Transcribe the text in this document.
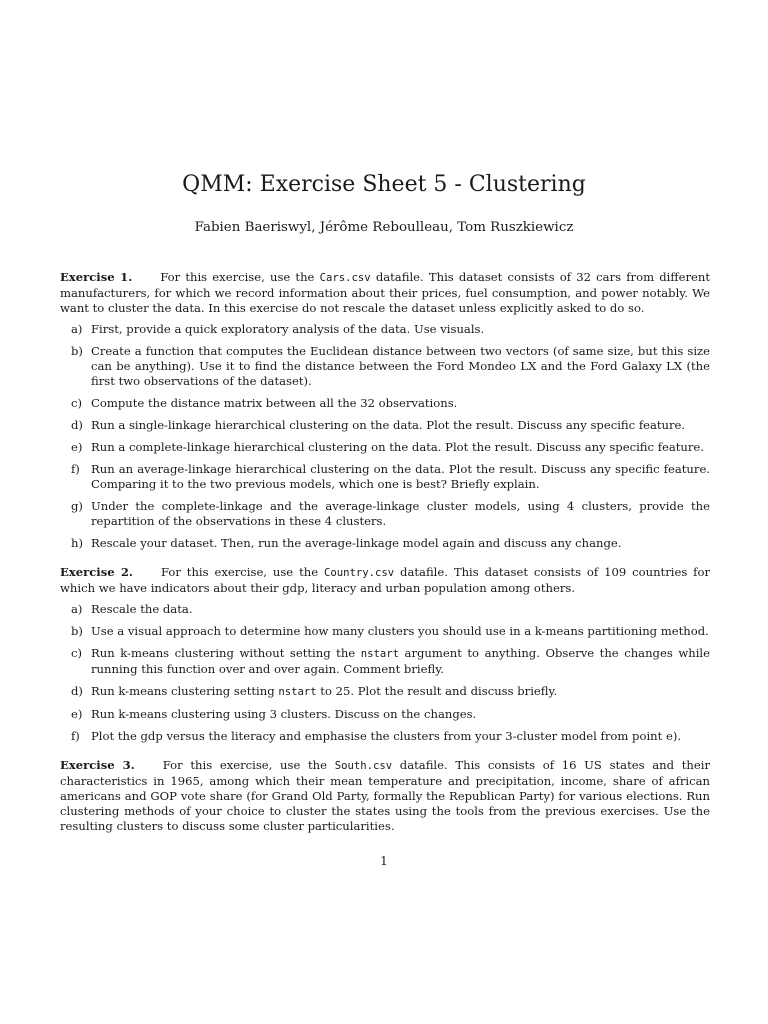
QMM: Exercise Sheet 5 - Clustering
Fabien Baeriswyl, Jérôme Reboulleau, Tom Ruszkiewicz
Exercise 1. For this exercise, use the Cars.csv datafile. This dataset consists of 32 cars from different manufacturers, for which we record information about their prices, fuel consumption, and power notably. We want to cluster the data. In this exercise do not rescale the dataset unless explicitly asked to do so.
a) First, provide a quick exploratory analysis of the data. Use visuals.
b) Create a function that computes the Euclidean distance between two vectors (of same size, but this size can be anything). Use it to find the distance between the Ford Mondeo LX and the Ford Galaxy LX (the first two observations of the dataset).
c) Compute the distance matrix between all the 32 observations.
d) Run a single-linkage hierarchical clustering on the data. Plot the result. Discuss any specific feature.
e) Run a complete-linkage hierarchical clustering on the data. Plot the result. Discuss any specific feature.
f) Run an average-linkage hierarchical clustering on the data. Plot the result. Discuss any specific feature. Comparing it to the two previous models, which one is best? Briefly explain.
g) Under the complete-linkage and the average-linkage cluster models, using 4 clusters, provide the repartition of the observations in these 4 clusters.
h) Rescale your dataset. Then, run the average-linkage model again and discuss any change.
Exercise 2. For this exercise, use the Country.csv datafile. This dataset consists of 109 countries for which we have indicators about their gdp, literacy and urban population among others.
a) Rescale the data.
b) Use a visual approach to determine how many clusters you should use in a k-means partitioning method.
c) Run k-means clustering without setting the nstart argument to anything. Observe the changes while running this function over and over again. Comment briefly.
d) Run k-means clustering setting nstart to 25. Plot the result and discuss briefly.
e) Run k-means clustering using 3 clusters. Discuss on the changes.
f) Plot the gdp versus the literacy and emphasise the clusters from your 3-cluster model from point e).
Exercise 3. For this exercise, use the South.csv datafile. This consists of 16 US states and their characteristics in 1965, among which their mean temperature and precipitation, income, share of african americans and GOP vote share (for Grand Old Party, formally the Republican Party) for various elections. Run clustering methods of your choice to cluster the states using the tools from the previous exercises. Use the resulting clusters to discuss some cluster particularities.
1
